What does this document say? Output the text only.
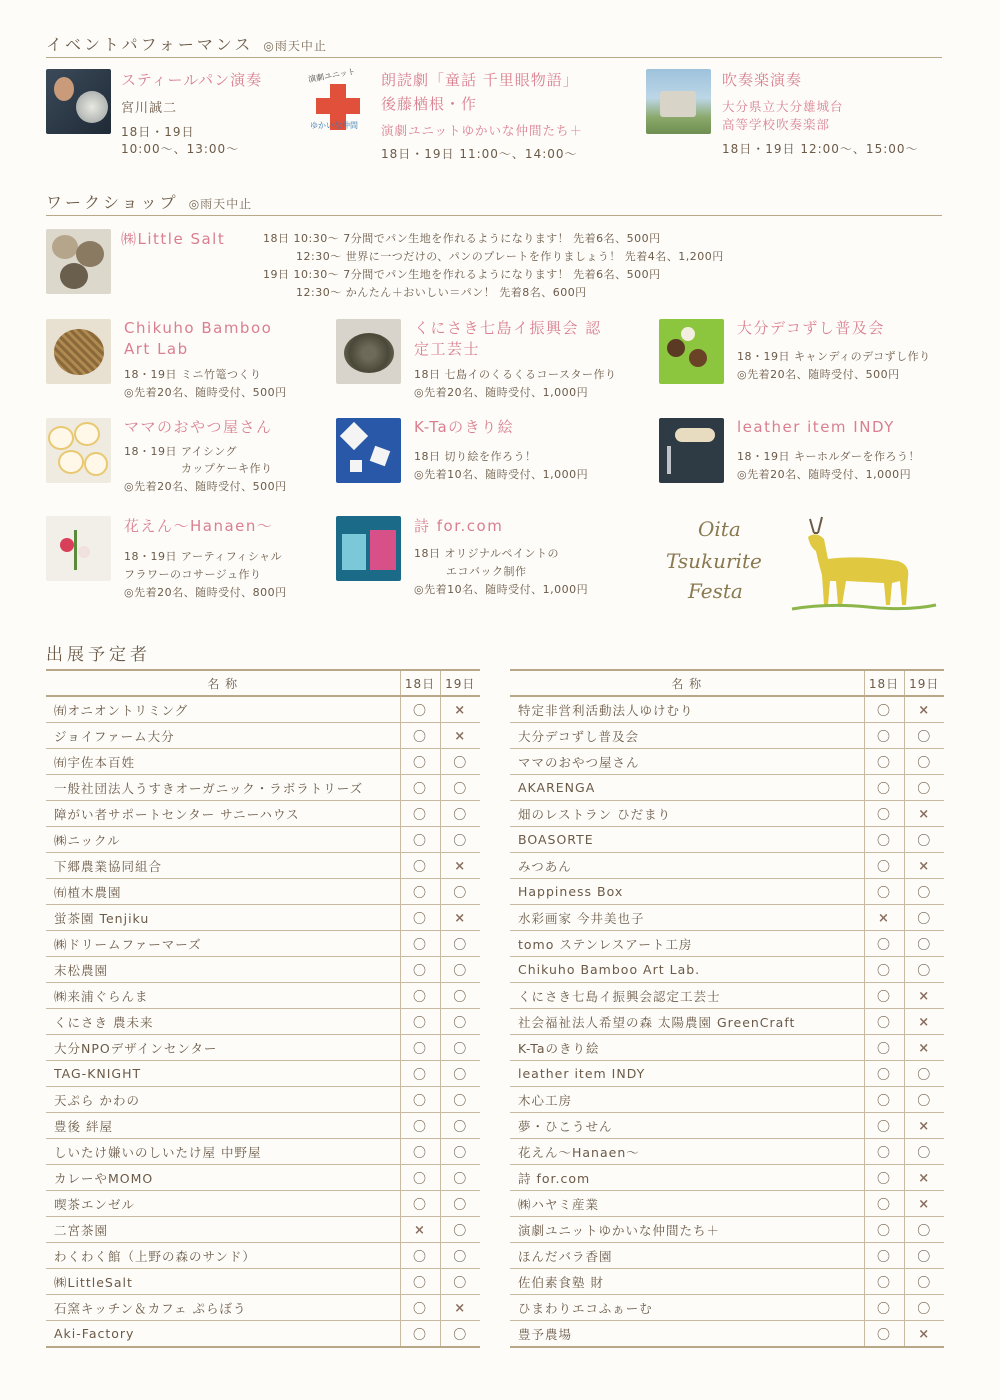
イベントパフォーマンス ◎雨天中止
スティールパン演奏
宮川誠二
18日・19日
10:00〜、13:00〜
演劇ユニット
ゆかいな仲間
朗読劇「童話 千里眼物語」
後藤楢根・作
演劇ユニットゆかいな仲間たち＋
18日・19日 11:00〜、14:00〜
吹奏楽演奏
大分県立大分雄城台
高等学校吹奏楽部
18日・19日 12:00〜、15:00〜
ワークショップ ◎雨天中止
㈱Little Salt	18日 10:30〜 7分間でパン生地を作れるようになります！ 先着6名、500円
12:30〜 世界に一つだけの、パンのプレートを作りましょう！ 先着4名、1,200円
19日 10:30〜 7分間でパン生地を作れるようになります！ 先着6名、500円
12:30〜 かんたん＋おいしい＝パン！ 先着8名、600円
Chikuho Bamboo Art Lab
18・19日 ミニ竹篭つくり
◎先着20名、随時受付、500円
くにさき七島イ振興会 認定工芸士
18日 七島イのくるくるコースター作り
◎先着20名、随時受付、1,000円
大分デコずし普及会
18・19日 キャンディのデコずし作り
◎先着20名、随時受付、500円
ママのおやつ屋さん
18・19日 アイシング
カップケーキ作り
◎先着20名、随時受付、500円
K-Taのきり絵
18日 切り絵を作ろう！
◎先着10名、随時受付、1,000円
leather item INDY
18・19日 キーホルダーを作ろう！
◎先着20名、随時受付、1,000円
花えん〜Hanaen〜
18・19日 アーティフィシャル
フラワーのコサージュ作り
◎先着20名、随時受付、800円
詩 for.com
18日 オリジナルペイントの
エコバック制作
◎先着10名、随時受付、1,000円
Oita
Tsukurite
Festa
出展予定者
名 称	18日	19日
㈲オニオントリミング	〇	×
ジョイファーム大分	〇	×
㈲宇佐本百姓	〇	〇
一般社団法人うすきオーガニック・ラボラトリーズ	〇	〇
障がい者サポートセンター サニーハウス	〇	〇
㈱ニックル	〇	〇
下郷農業協同組合	〇	×
㈲植木農園	〇	〇
蛍茶園 Tenjiku	〇	×
㈱ドリームファーマーズ	〇	〇
末松農園	〇	〇
㈱来浦ぐらんま	〇	〇
くにさき 農未来	〇	〇
大分NPOデザインセンター	〇	〇
TAG-KNIGHT	〇	〇
天ぷら かわの	〇	〇
豊後 絆屋	〇	〇
しいたけ嫌いのしいたけ屋 中野屋	〇	〇
カレーやMOMO	〇	〇
喫茶エンゼル	〇	〇
二宮茶園	×	〇
わくわく館（上野の森のサンド）	〇	〇
㈱LittleSalt	〇	〇
石窯キッチン＆カフェ ぷらぼう	〇	×
Aki-Factory	〇	〇
名 称	18日	19日
特定非営利活動法人ゆけむり	〇	×
大分デコずし普及会	〇	〇
ママのおやつ屋さん	〇	〇
AKARENGA	〇	〇
畑のレストラン ひだまり	〇	×
BOASORTE	〇	〇
みつあん	〇	×
Happiness Box	〇	〇
水彩画家 今井美也子	×	〇
tomo ステンレスアート工房	〇	〇
Chikuho Bamboo Art Lab.	〇	〇
くにさき七島イ振興会認定工芸士	〇	×
社会福祉法人希望の森 太陽農園 GreenCraft	〇	×
K-Taのきり絵	〇	×
leather item INDY	〇	〇
木心工房	〇	〇
夢・ひこうせん	〇	×
花えん〜Hanaen〜	〇	〇
詩 for.com	〇	×
㈱ハヤミ産業	〇	×
演劇ユニットゆかいな仲間たち＋	〇	〇
ほんだバラ香園	〇	〇
佐伯素食塾 財	〇	〇
ひまわりエコふぁーむ	〇	〇
豊予農場	〇	×
